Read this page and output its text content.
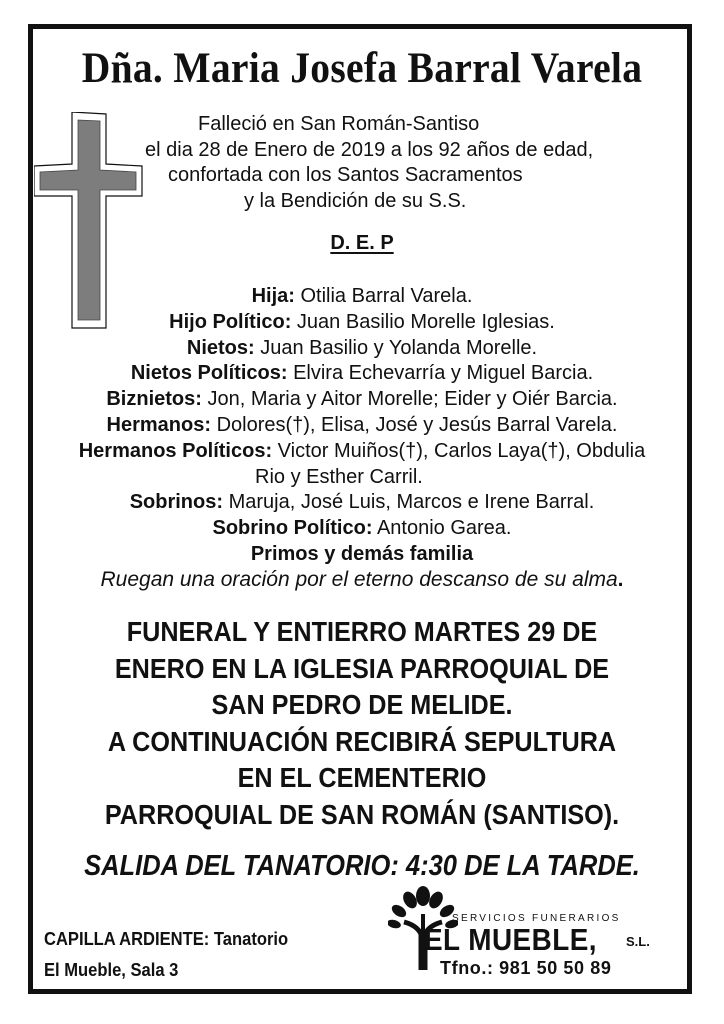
Dña. Maria Josefa Barral Varela
Falleció en San Román-Santiso
el dia 28 de Enero de 2019 a los 92 años de edad,
confortada con los Santos Sacramentos
y la Bendición de su S.S.
D. E. P
Hija: Otilia Barral Varela.
Hijo Político: Juan Basilio Morelle Iglesias.
Nietos: Juan Basilio y Yolanda Morelle.
Nietos Políticos: Elvira Echevarría y Miguel Barcia.
Biznietos: Jon, Maria y Aitor Morelle; Eider y Oiér Barcia.
Hermanos: Dolores(†), Elisa, José y Jesús Barral Varela.
Hermanos Políticos: Victor Muiños(†), Carlos Laya(†), Obdulia
Rio y Esther Carril.
Sobrinos: Maruja, José Luis, Marcos e Irene Barral.
Sobrino Político: Antonio Garea.
Primos y demás familia
Ruegan una oración por el eterno descanso de su alma.
FUNERAL Y ENTIERRO MARTES 29 DE
ENERO EN LA IGLESIA PARROQUIAL DE
SAN PEDRO DE MELIDE.
A CONTINUACIÓN RECIBIRÁ SEPULTURA
EN EL CEMENTERIO
PARROQUIAL DE SAN ROMÁN (SANTISO).
SALIDA DEL TANATORIO: 4:30 DE LA TARDE.
CAPILLA ARDIENTE: Tanatorio
El Mueble, Sala 3
SERVICIOS FUNERARIOS
EL MUEBLE, S.L.
Tfno.: 981 50 50 89
